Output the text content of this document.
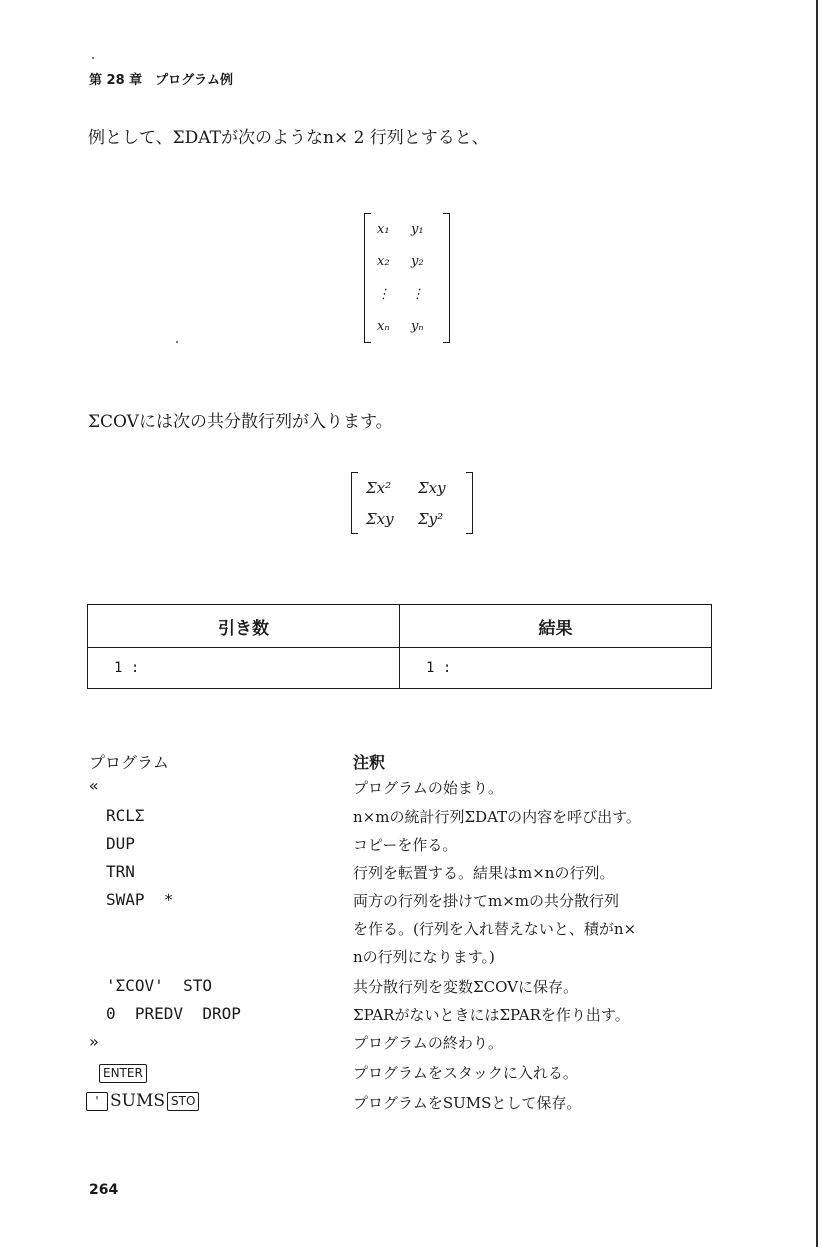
第 28 章　プログラム例
例として、ΣDATが次のようなn× 2 行列とすると、
x₁	y₁
x₂	y₂
⋮	⋮
xₙ	yₙ
ΣCOVには次の共分散行列が入ります。
Σx²	Σxy
Σxy	Σy²
引き数	結果
1 :	1 :
プログラム	注釈
«	プログラムの始まり。
RCLΣ	n×mの統計行列ΣDATの内容を呼び出す。
DUP	コピーを作る。
TRN	行列を転置する。結果はm×nの行列。
SWAP  *	両方の行列を掛けてm×mの共分散行列
を作る。(行列を入れ替えないと、積がn×
nの行列になります。)
'ΣCOV'  STO	共分散行列を変数ΣCOVに保存。
0  PREDV  DROP	ΣPARがないときにはΣPARを作り出す。
»	プログラムの終わり。
ENTER	プログラムをスタックに入れる。
' SUMS STO	プログラムをSUMSとして保存。
264
